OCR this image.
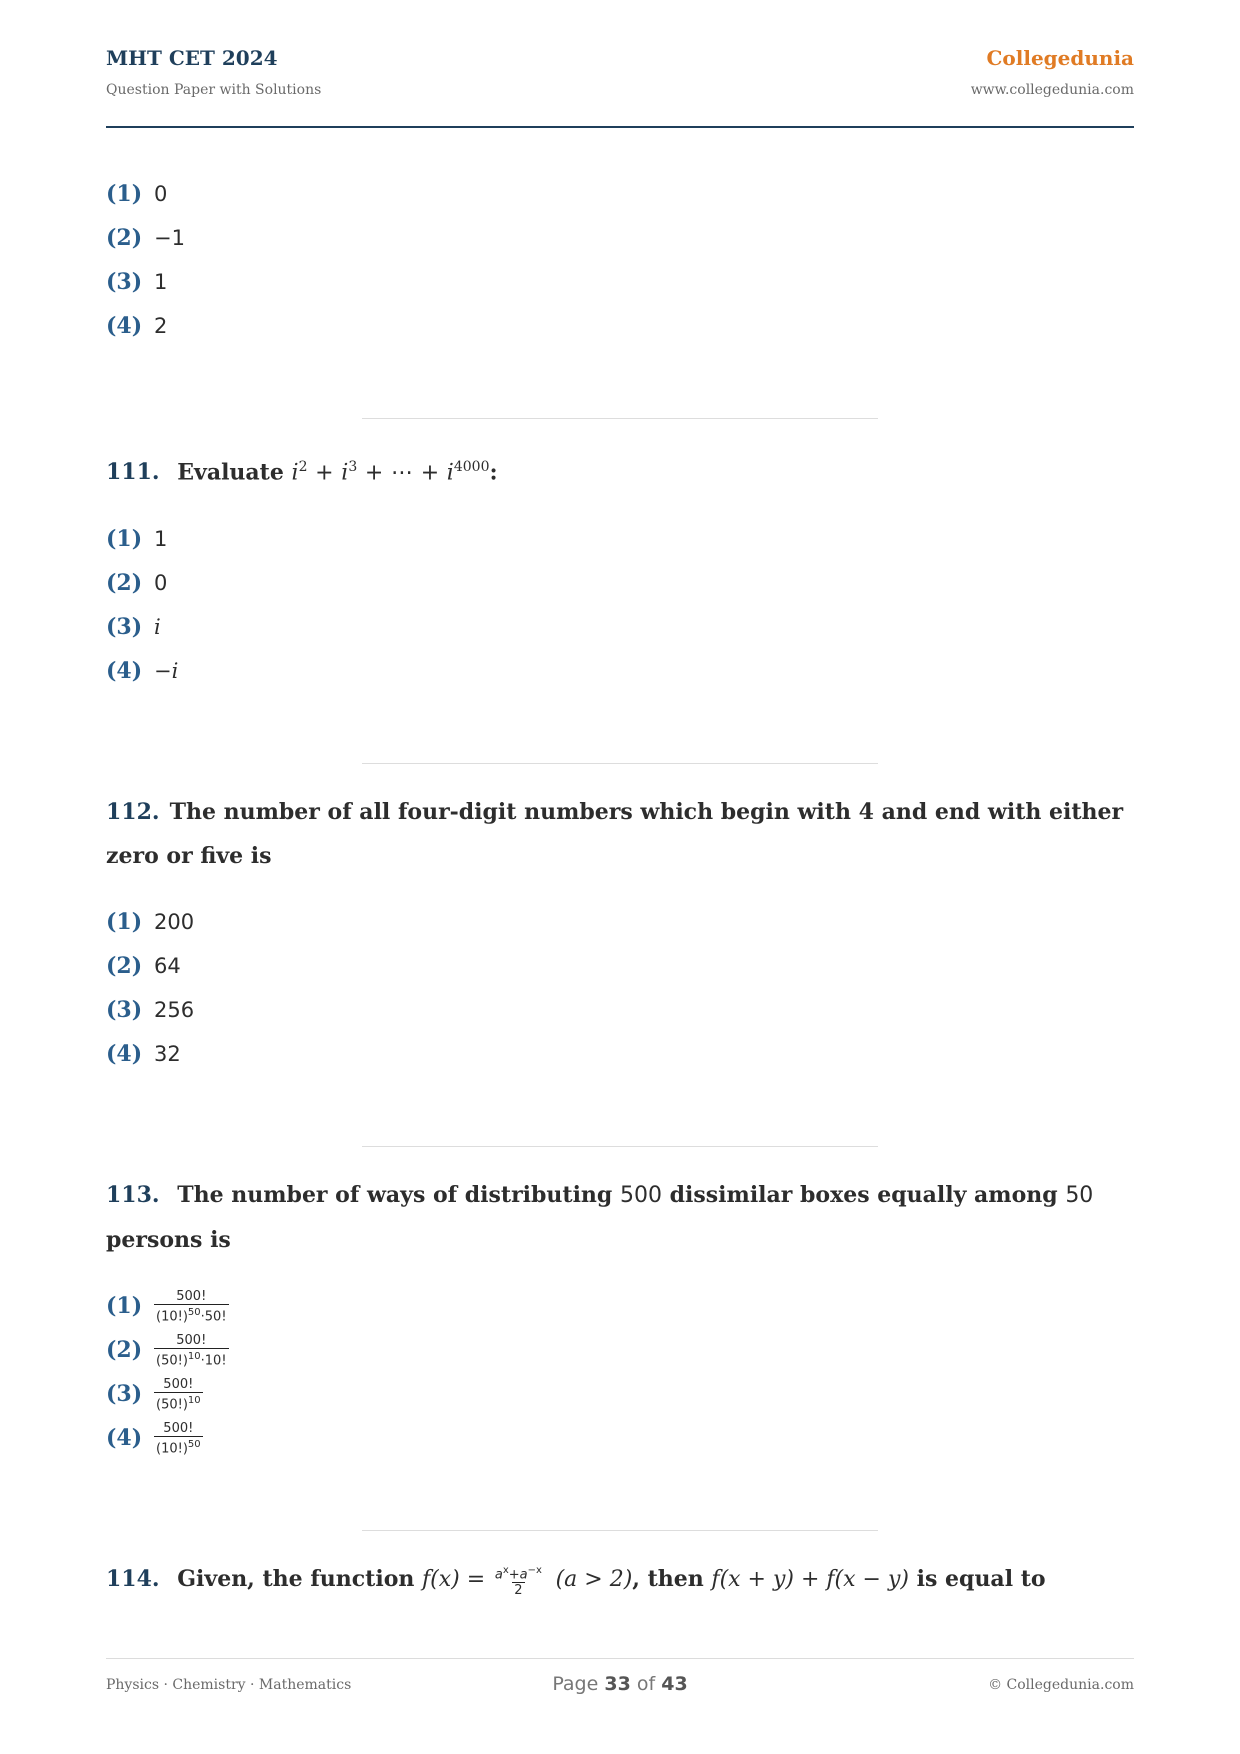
MHT CET 2024
Question Paper with Solutions
Collegedunia
www.collegedunia.com
(1) 0
(2) −1
(3) 1
(4) 2
111. Evaluate $i^2 + i^3$ + ⋯ + $i^{4000}$:
(1) 1
(2) 0
(3) i
(4) −i
112. The number of all four-digit numbers which begin with 4 and end with either zero or five is
(1) 200
(2) 64
(3) 256
(4) 32
113. The number of ways of distributing 500 dissimilar boxes equally among 50 persons is
$(1) \frac{500!}{(10!)^{50}\cdot 50!}$
$(2) \frac{500!}{(50!)^{10}\cdot 10!}$
$(3) \frac{500!}{(50!)^{10}}$
$(4) \frac{500!}{(10!)^{50}}$
114. Given, the function $f(x) = \frac{a^x+a^{-x}}{2} (a > 2)$, then f(x + y) + f(x − y) is equal to
Physics · Chemistry · Mathematics	Page 33 of 43	© Collegedunia.com
